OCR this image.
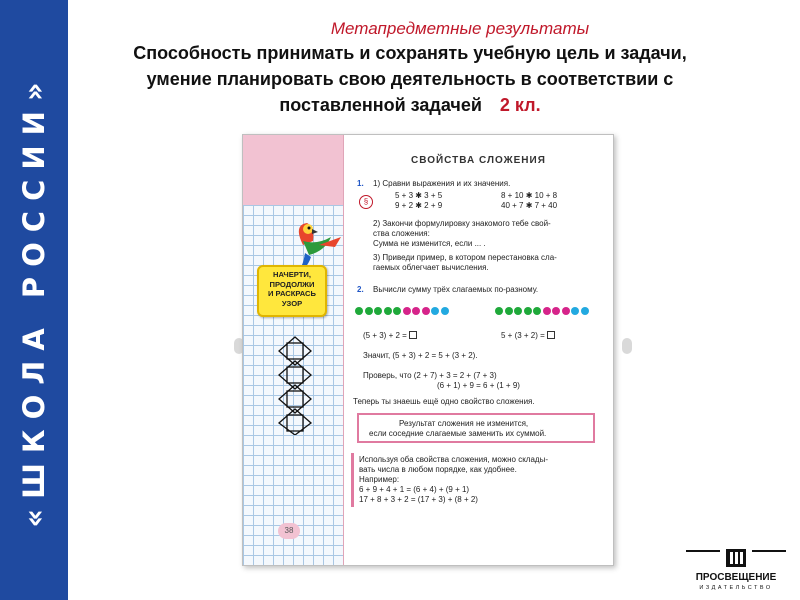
«ШКОЛА РОССИИ»
Метапредметные результаты
Способность принимать и сохранять учебную цель и задачи,
умение планировать свою деятельность в соответствии с
поставленной задачей 2 кл.
НАЧЕРТИ,
ПРОДОЛЖИ
И РАСКРАСЬ
УЗОР
38
СВОЙСТВА СЛОЖЕНИЯ
1. 1) Сравни выражения и их значения.
§
5 + 3 ✱ 3 + 5	8 + 10 ✱ 10 + 8
9 + 2 ✱ 2 + 9	40 + 7 ✱ 7 + 40
2) Закончи формулировку знакомого тебе свой-
ства сложения:
Сумма не изменится, если ... .
3) Приведи пример, в котором перестановка сла-
гаемых облегчает вычисления.
2. Вычисли сумму трёх слагаемых по-разному.
(5 + 3) + 2 =	5 + (3 + 2) =
Значит, (5 + 3) + 2 = 5 + (3 + 2).
Проверь, что (2 + 7) + 3 = 2 + (7 + 3)
(6 + 1) + 9 = 6 + (1 + 9)
Теперь ты знаешь ещё одно свойство сложения.
Результат сложения не изменится,
если соседние слагаемые заменить их суммой.
Используя оба свойства сложения, можно склады-
вать числа в любом порядке, как удобнее.
Например:
6 + 9 + 4 + 1 = (6 + 4) + (9 + 1)
17 + 8 + 3 + 2 = (17 + 3) + (8 + 2)
ПРОСВЕЩЕНИЕ
ИЗДАТЕЛЬСТВО
